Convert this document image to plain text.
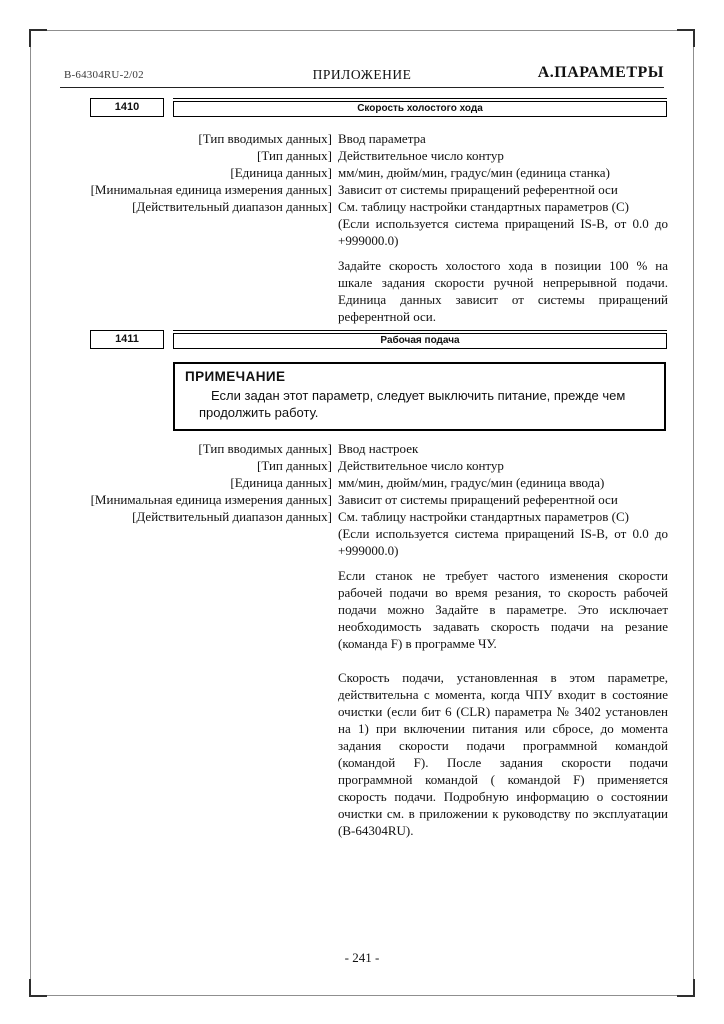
B-64304RU-2/02	ПРИЛОЖЕНИЕ	А.ПАРАМЕТРЫ
1410	Скорость холостого хода
[Тип вводимых данных] Ввод параметра
[Тип данных] Действительное число контур
[Единица данных] мм/мин, дюйм/мин, градус/мин (единица станка)
[Минимальная единица измерения данных] Зависит от системы приращений референтной оси
[Действительный диапазон данных] См. таблицу настройки стандартных параметров (C)
(Если используется система приращений IS-B, от 0.0 до +999000.0)
Задайте скорость холостого хода в позиции 100 % на шкале задания скорости ручной непрерывной подачи. Единица данных зависит от системы приращений референтной оси.
1411	Рабочая подача
ПРИМЕЧАНИЕ
Если задан этот параметр, следует выключить питание, прежде чем продолжить работу.
[Тип вводимых данных] Ввод настроек
[Тип данных] Действительное число контур
[Единица данных] мм/мин, дюйм/мин, градус/мин (единица ввода)
[Минимальная единица измерения данных] Зависит от системы приращений референтной оси
[Действительный диапазон данных] См. таблицу настройки стандартных параметров (C)
(Если используется система приращений IS-B, от 0.0 до +999000.0)
Если станок не требует частого изменения скорости рабочей подачи во время резания, то скорость рабочей подачи можно Задайте в параметре. Это исключает необходимость задавать скорость подачи на резание (команда F) в программе ЧУ.
Скорость подачи, установленная в этом параметре, действительна с момента, когда ЧПУ входит в состояние очистки (если бит 6 (CLR) параметра № 3402 установлен на 1) при включении питания или сбросе, до момента задания скорости подачи программной командой (командой F). После задания скорости подачи программной командой ( командой F) применяется скорость подачи. Подробную информацию о состоянии очистки см. в приложении к руководству по эксплуатации (B-64304RU).
- 241 -
